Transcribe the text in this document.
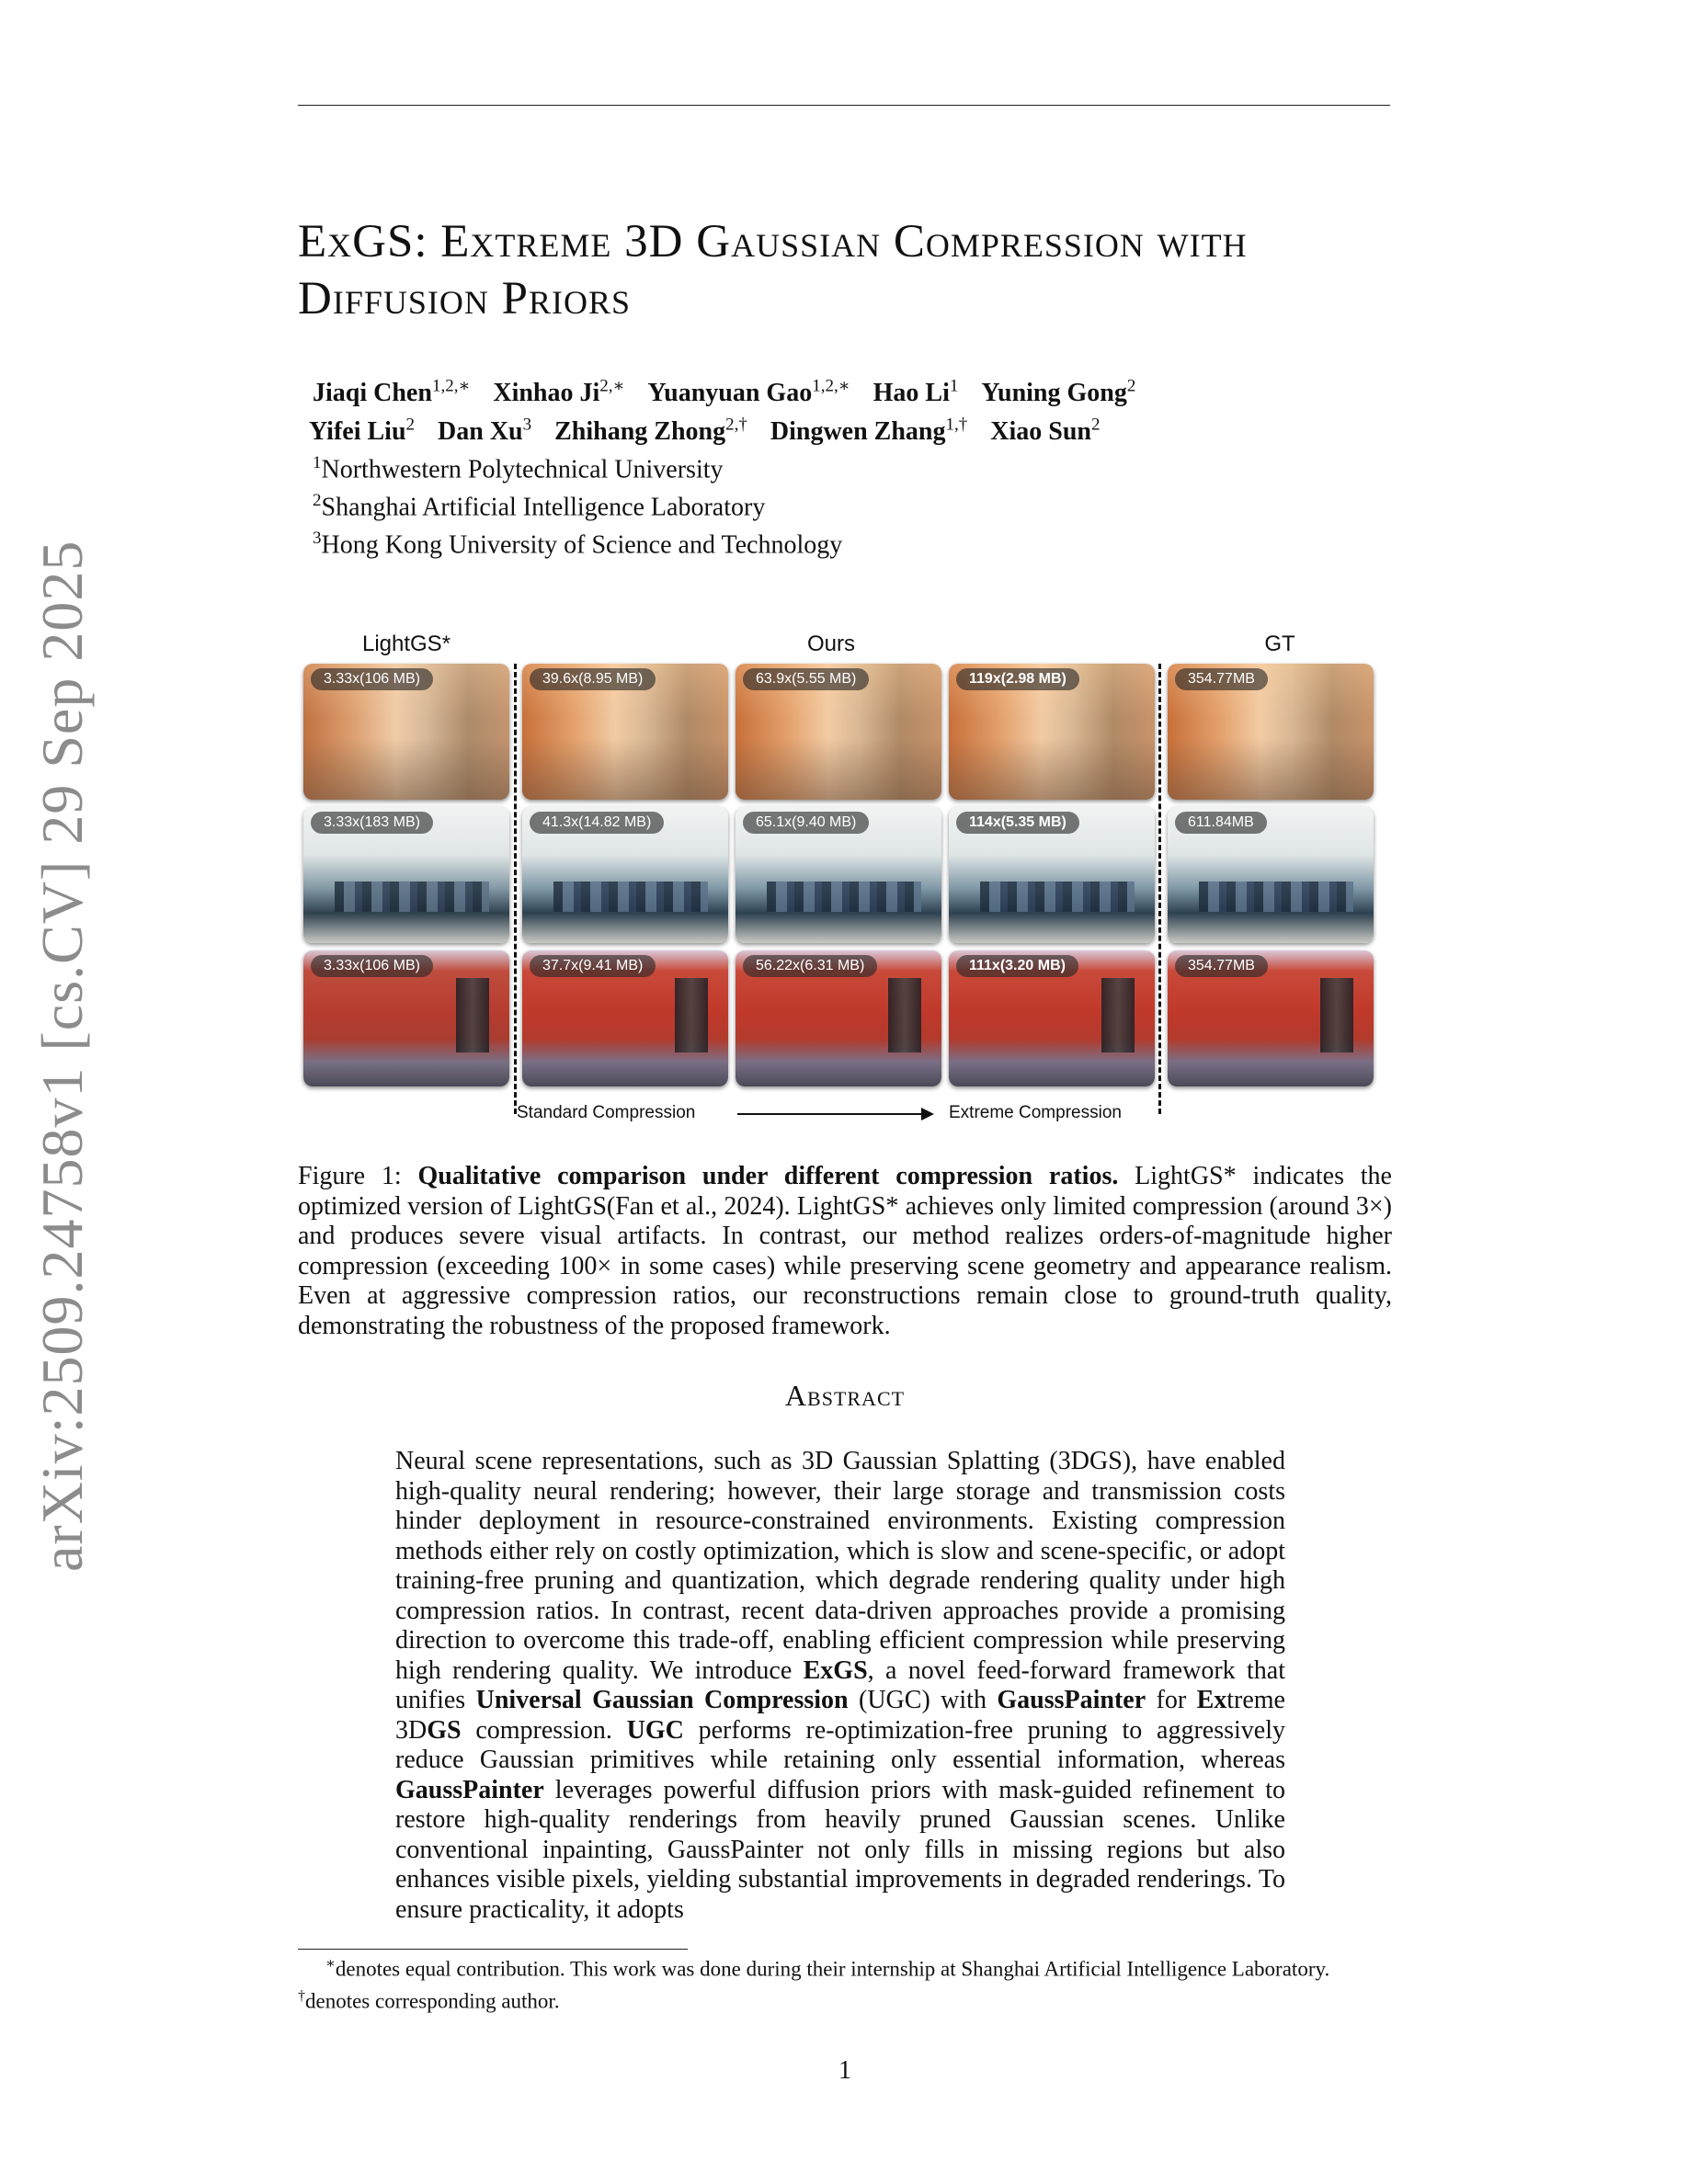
arXiv:2509.24758v1 [cs.CV] 29 Sep 2025
ExGS: Extreme 3D Gaussian Compression with
Diffusion Priors
Jiaqi Chen$^{1,2,∗}$ Xinhao $Ji^{2,∗}$ Yuanyuan Gao$^{1,2,∗}$ Hao Li$^1$ Yuning Gong$^2$
Yifei Liu$^2$ Dan Xu$^3$ Zhihang Zhong$^{2,\dagger}$ Dingwen Zhang$^{1,\dagger}$ Xiao Sun$^2$
$^1$Northwestern Polytechnical University
$^2$Shanghai Artificial Intelligence Laboratory
$^3$Hong Kong University of Science and Technology
LightGS*	Ours	GT
3.33x(106 MB)	39.6x(8.95 MB)	63.9x(5.55 MB)	119x(2.98 MB)	354.77MB
3.33x(183 MB)	41.3x(14.82 MB)	65.1x(9.40 MB)	114x(5.35 MB)	611.84MB
3.33x(106 MB)	37.7x(9.41 MB)	56.22x(6.31 MB)	111x(3.20 MB)	354.77MB
Standard Compression	Extreme Compression
Figure 1: Qualitative comparison under different compression ratios. LightGS* indicates the optimized version of LightGS(Fan et al., 2024). LightGS* achieves only limited compression (around 3×) and produces severe visual artifacts. In contrast, our method realizes orders-of-magnitude higher compression (exceeding 100× in some cases) while preserving scene geometry and appearance realism. Even at aggressive compression ratios, our reconstructions remain close to ground-truth quality, demonstrating the robustness of the proposed framework.
Abstract
Neural scene representations, such as 3D Gaussian Splatting (3DGS), have enabled high-quality neural rendering; however, their large storage and transmission costs hinder deployment in resource-constrained environments. Existing compression methods either rely on costly optimization, which is slow and scene-specific, or adopt training-free pruning and quantization, which degrade rendering quality under high compression ratios. In contrast, recent data-driven approaches provide a promising direction to overcome this trade-off, enabling efficient compression while preserving high rendering quality. We introduce ExGS, a novel feed-forward framework that unifies Universal Gaussian Compression (UGC) with GaussPainter for Extreme 3DGS compression. UGC performs re-optimization-free pruning to aggressively reduce Gaussian primitives while retaining only essential information, whereas GaussPainter leverages powerful diffusion priors with mask-guided refinement to restore high-quality renderings from heavily pruned Gaussian scenes. Unlike conventional inpainting, GaussPainter not only fills in missing regions but also enhances visible pixels, yielding substantial improvements in degraded renderings. To ensure practicality, it adopts
∗denotes equal contribution. This work was done during their internship at Shanghai Artificial Intelligence Laboratory. †denotes corresponding author.
1
